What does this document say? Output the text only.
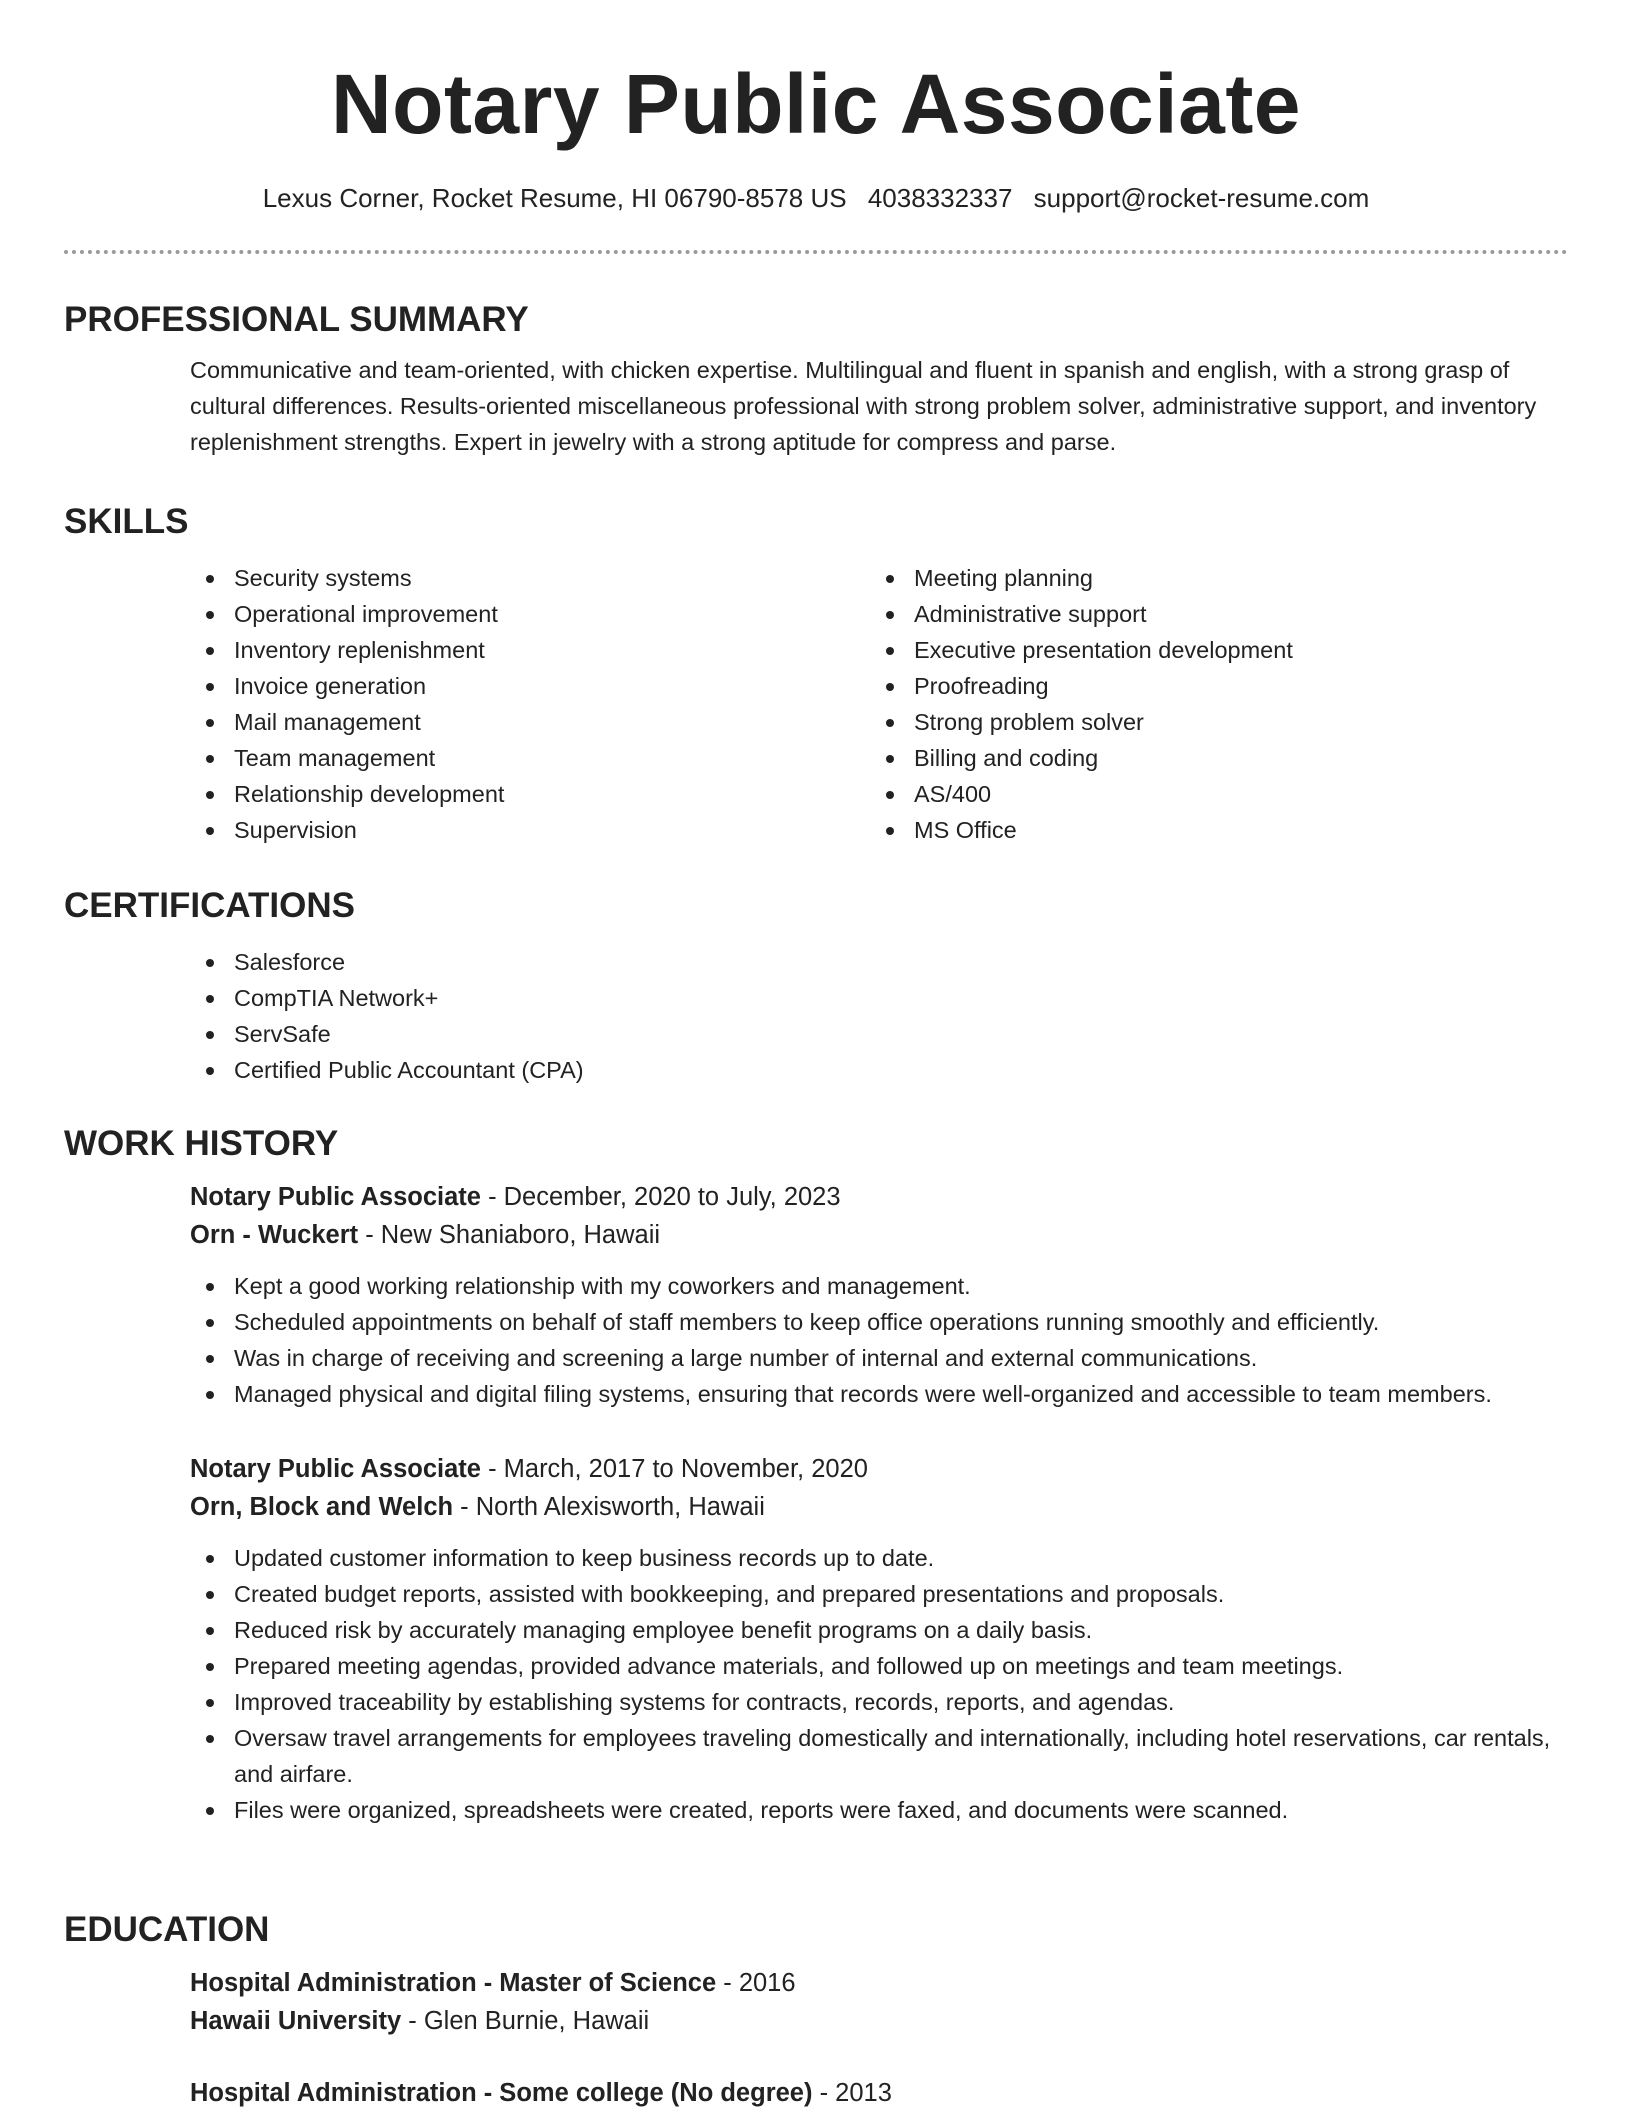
Notary Public Associate
Lexus Corner, Rocket Resume, HI 06790-8578 US 4038332337 support@rocket-resume.com
PROFESSIONAL SUMMARY

Communicative and team-oriented, with chicken expertise. Multilingual and fluent in spanish and english, with a strong grasp of cultural differences. Results-oriented miscellaneous professional with strong problem solver, administrative support, and inventory replenishment strengths. Expert in jewelry with a strong aptitude for compress and parse.

SKILLS
Security systems
Operational improvement
Inventory replenishment
Invoice generation
Mail management
Team management
Relationship development
Supervision
Meeting planning
Administrative support
Executive presentation development
Proofreading
Strong problem solver
Billing and coding
AS/400
MS Office
CERTIFICATIONS
Salesforce
CompTIA Network+
ServSafe
Certified Public Accountant (CPA)
WORK HISTORY

Notary Public Associate - December, 2020 to July, 2023

Orn - Wuckert - New Shaniaboro, Hawaii

Kept a good working relationship with my coworkers and management.
Scheduled appointments on behalf of staff members to keep office operations running smoothly and efficiently.
Was in charge of receiving and screening a large number of internal and external communications.
Managed physical and digital filing systems, ensuring that records were well-organized and accessible to team members.

Notary Public Associate - March, 2017 to November, 2020

Orn, Block and Welch - North Alexisworth, Hawaii

Updated customer information to keep business records up to date.
Created budget reports, assisted with bookkeeping, and prepared presentations and proposals.
Reduced risk by accurately managing employee benefit programs on a daily basis.
Prepared meeting agendas, provided advance materials, and followed up on meetings and team meetings.
Improved traceability by establishing systems for contracts, records, reports, and agendas.
Oversaw travel arrangements for employees traveling domestically and internationally, including hotel reservations, car rentals, and airfare.
Files were organized, spreadsheets were created, reports were faxed, and documents were scanned.
EDUCATION

Hospital Administration - Master of Science - 2016

Hawaii University - Glen Burnie, Hawaii

Hospital Administration - Some college (No degree) - 2013
